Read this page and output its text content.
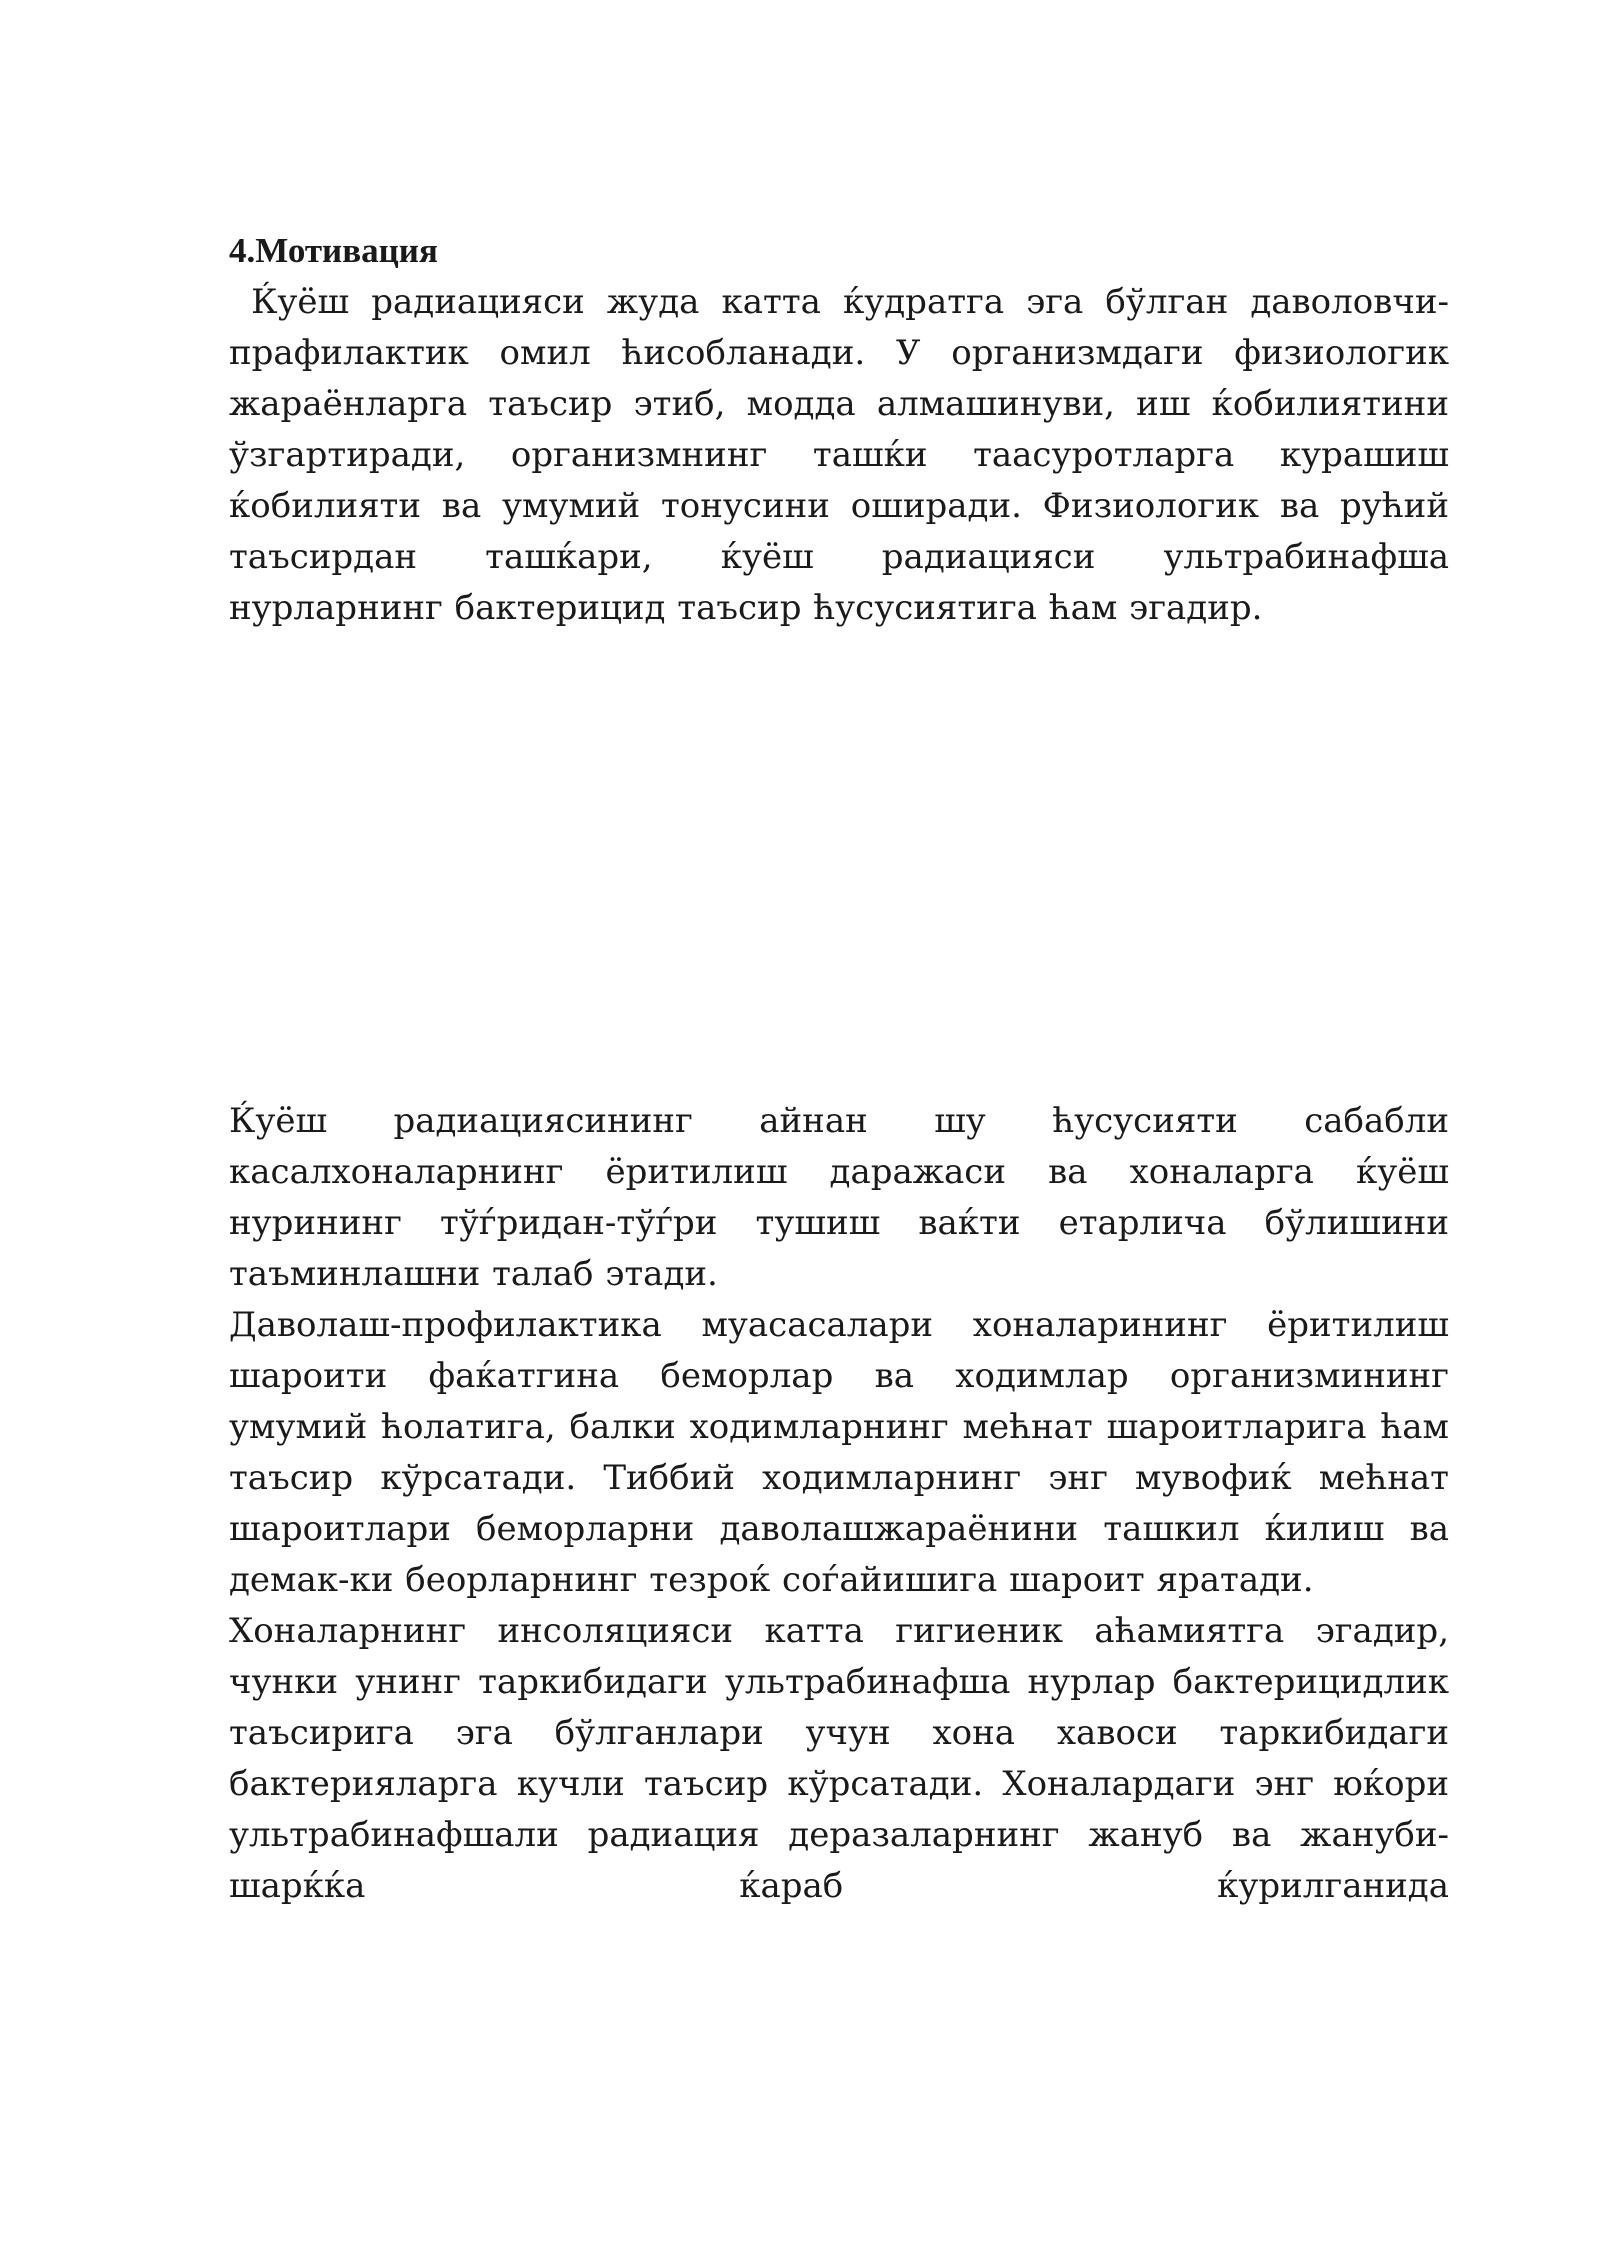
4.Мотивация

Ќуёш радиацияси жуда катта ќудратга эга бўлган даволовчи-прафилактик омил ћисобланади. У организмдаги физиологик жараёнларга таъсир этиб, модда алмашинуви, иш ќобилиятини ўзгартиради, организмнинг ташќи таасуротларга курашиш ќобилияти ва умумий тонусини оширади. Физиологик ва рућий таъсирдан ташќари, ќуёш радиацияси ультрабинафша нурларнинг бактерицид таъсир ћусусиятига ћам эгадир.

Ќуёш радиациясининг айнан шу ћусусияти сабабли касалхоналарнинг ёритилиш даражаси ва хоналарга ќуёш нурининг тўѓридан-тўѓри тушиш ваќти етарлича бўлишини таъминлашни талаб этади.

Даволаш-профилактика муасасалари хоналарининг ёритилиш шароити фаќатгина беморлар ва ходимлар организмининг умумий ћолатига, балки ходимларнинг мећнат шароитларига ћам таъсир кўрсатади. Тиббий ходимларнинг энг мувофиќ мећнат шароитлари беморларни даволашжараёнини ташкил ќилиш ва демак-ки беорларнинг тезроќ соѓайишига шароит яратади.

Хоналарнинг инсоляцияси катта гигиеник аћамиятга эгадир, чунки унинг таркибидаги ультрабинафша нурлар бактерицидлик таъсирига эга бўлганлари учун хона хавоси таркибидаги бактерияларга кучли таъсир кўрсатади. Хоналардаги энг юќори ультрабинафшали радиация деразаларнинг жануб ва жануби-шарќќа ќараб ќурилганида
